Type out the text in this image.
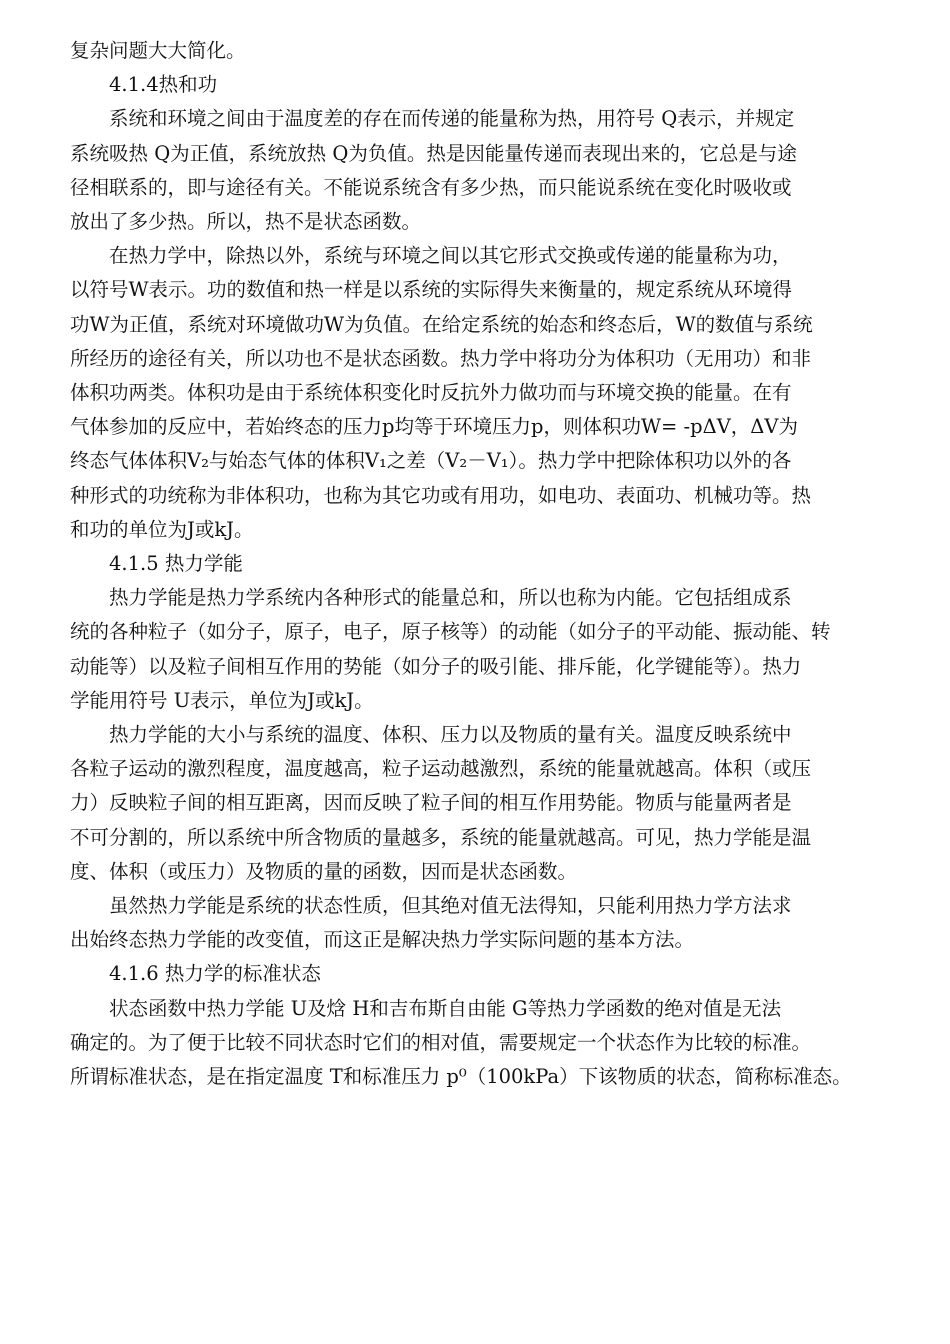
复杂问题大大简化。
4.1.4热和功
系统和环境之间由于温度差的存在而传递的能量称为热，用符号 Q表示，并规定
系统吸热 Q为正值，系统放热 Q为负值。热是因能量传递而表现出来的，它总是与途
径相联系的，即与途径有关。不能说系统含有多少热，而只能说系统在变化时吸收或
放出了多少热。所以，热不是状态函数。
在热力学中，除热以外，系统与环境之间以其它形式交换或传递的能量称为功，
以符号W表示。功的数值和热一样是以系统的实际得失来衡量的，规定系统从环境得
功W为正值，系统对环境做功W为负值。在给定系统的始态和终态后，W的数值与系统
所经历的途径有关，所以功也不是状态函数。热力学中将功分为体积功（无用功）和非
体积功两类。体积功是由于系统体积变化时反抗外力做功而与环境交换的能量。在有
气体参加的反应中，若始终态的压力p均等于环境压力p，则体积功W= -pΔV，ΔV为
终态气体体积V₂与始态气体的体积V₁之差（V₂－V₁）。热力学中把除体积功以外的各
种形式的功统称为非体积功，也称为其它功或有用功，如电功、表面功、机械功等。热
和功的单位为J或kJ。
4.1.5 热力学能
热力学能是热力学系统内各种形式的能量总和，所以也称为内能。它包括组成系
统的各种粒子（如分子，原子，电子，原子核等）的动能（如分子的平动能、振动能、转
动能等）以及粒子间相互作用的势能（如分子的吸引能、排斥能，化学键能等）。热力
学能用符号 U表示，单位为J或kJ。
热力学能的大小与系统的温度、体积、压力以及物质的量有关。温度反映系统中
各粒子运动的激烈程度，温度越高，粒子运动越激烈，系统的能量就越高。体积（或压
力）反映粒子间的相互距离，因而反映了粒子间的相互作用势能。物质与能量两者是
不可分割的，所以系统中所含物质的量越多，系统的能量就越高。可见，热力学能是温
度、体积（或压力）及物质的量的函数，因而是状态函数。
虽然热力学能是系统的状态性质，但其绝对值无法得知，只能利用热力学方法求
出始终态热力学能的改变值，而这正是解决热力学实际问题的基本方法。
4.1.6 热力学的标准状态
状态函数中热力学能 U及焓 H和吉布斯自由能 G等热力学函数的绝对值是无法
确定的。为了便于比较不同状态时它们的相对值，需要规定一个状态作为比较的标准。
所谓标准状态，是在指定温度 T和标准压力 p⁰（100kPa）下该物质的状态，简称标准态。
